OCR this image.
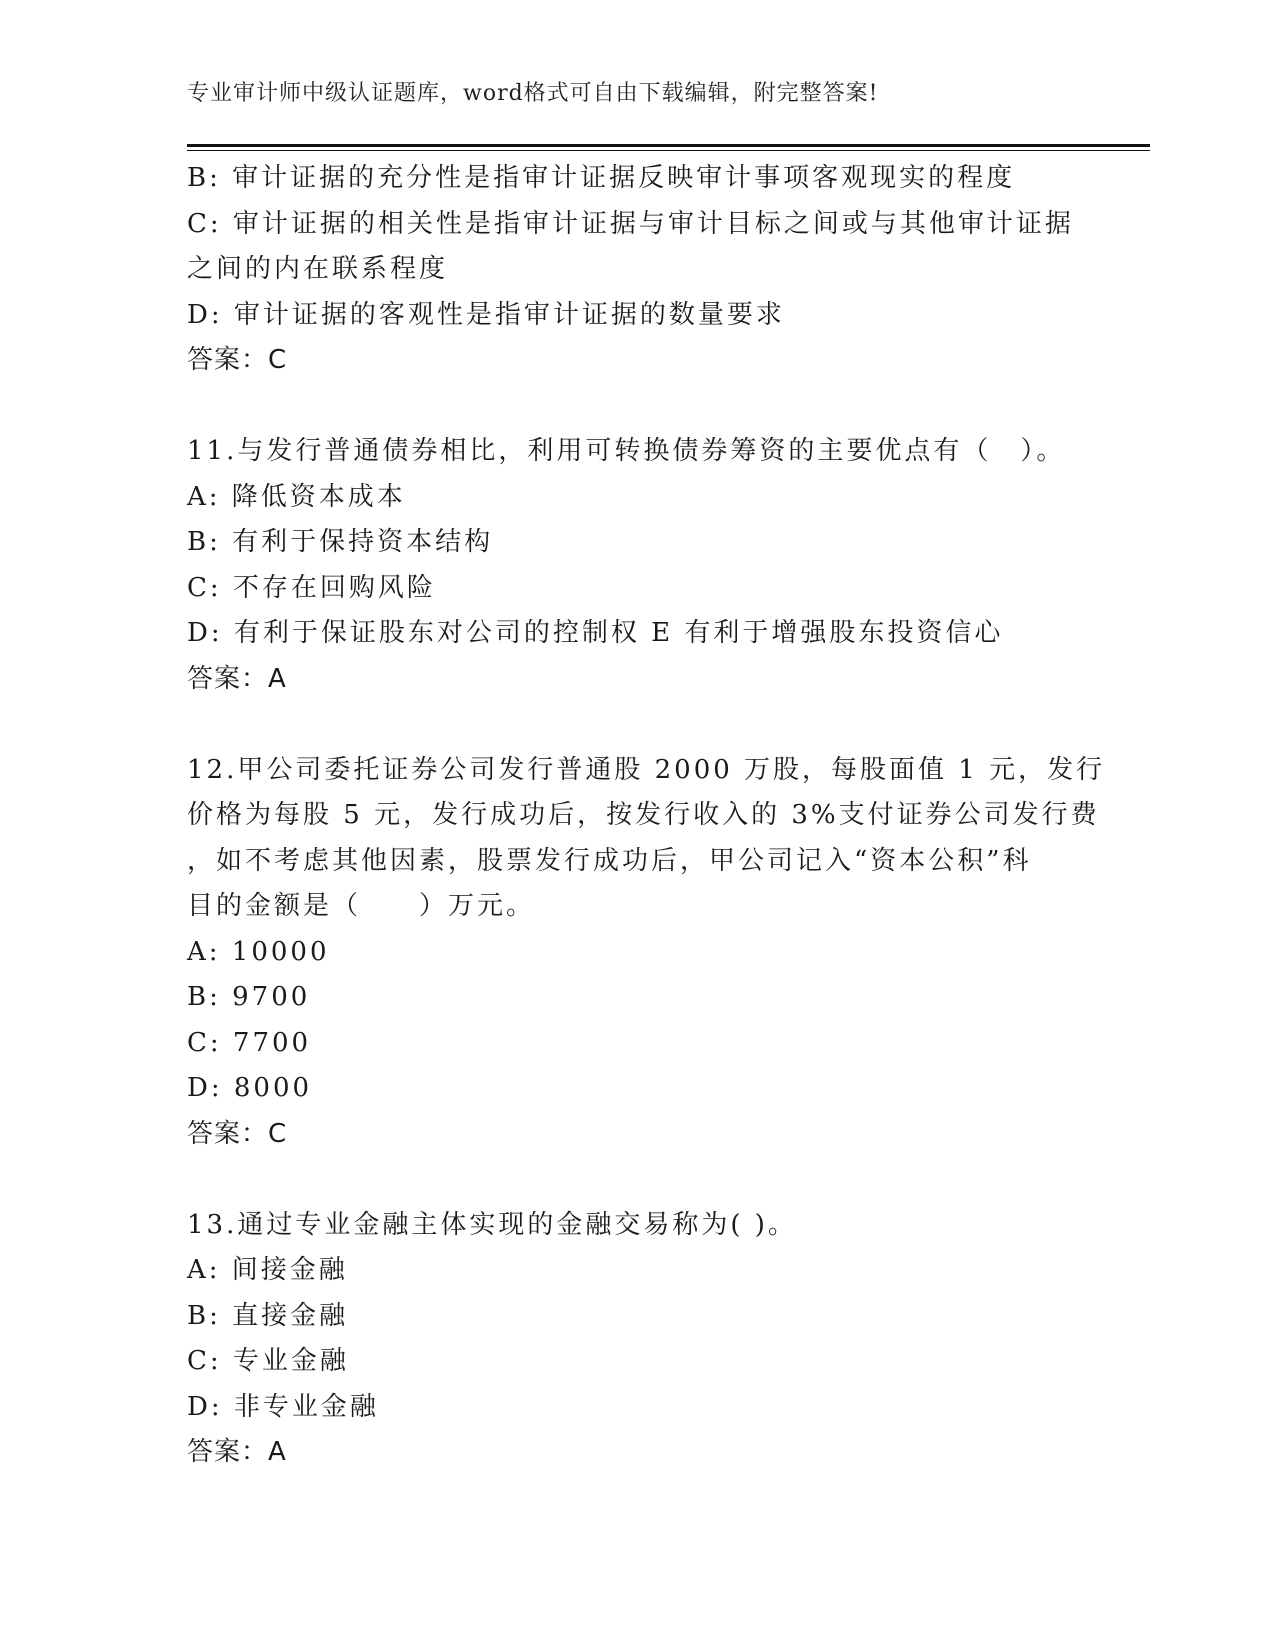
专业审计师中级认证题库，word格式可自由下载编辑，附完整答案!
B: 审计证据的充分性是指审计证据反映审计事项客观现实的程度
C: 审计证据的相关性是指审计证据与审计目标之间或与其他审计证据
之间的内在联系程度
D: 审计证据的客观性是指审计证据的数量要求
答案：C
11.与发行普通债券相比，利用可转换债券筹资的主要优点有（　）。
A: 降低资本成本
B: 有利于保持资本结构
C: 不存在回购风险
D: 有利于保证股东对公司的控制权 E 有利于增强股东投资信心
答案：A
12.甲公司委托证券公司发行普通股 2000 万股，每股面值 1 元，发行
价格为每股 5 元，发行成功后，按发行收入的 3%支付证券公司发行费
，如不考虑其他因素，股票发行成功后，甲公司记入“资本公积”科
目的金额是（　　）万元。
A: 10000
B: 9700
C: 7700
D: 8000
答案：C
13.通过专业金融主体实现的金融交易称为( )。
A: 间接金融
B: 直接金融
C: 专业金融
D: 非专业金融
答案：A
